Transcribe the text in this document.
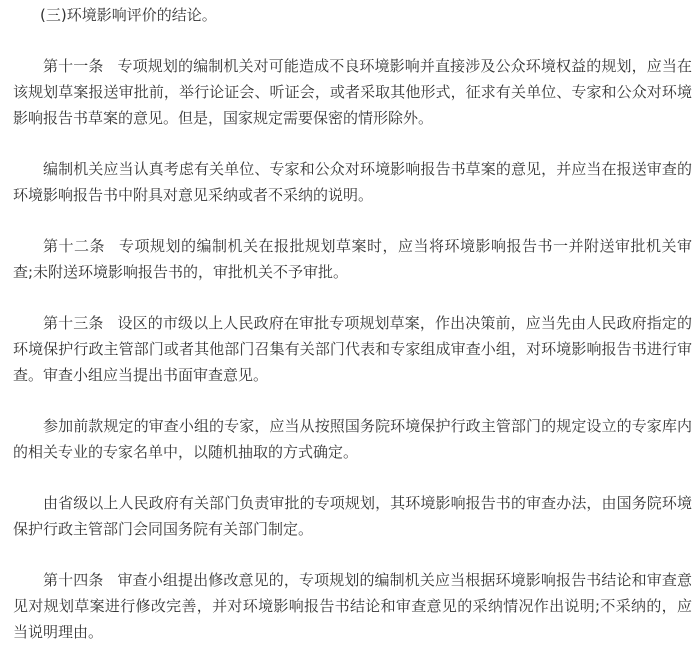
(三)环境影响评价的结论。

第十一条 专项规划的编制机关对可能造成不良环境影响并直接涉及公众环境权益的规划，应当在该规划草案报送审批前，举行论证会、听证会，或者采取其他形式，征求有关单位、专家和公众对环境影响报告书草案的意见。但是，国家规定需要保密的情形除外。

编制机关应当认真考虑有关单位、专家和公众对环境影响报告书草案的意见，并应当在报送审查的环境影响报告书中附具对意见采纳或者不采纳的说明。

第十二条 专项规划的编制机关在报批规划草案时，应当将环境影响报告书一并附送审批机关审查;未附送环境影响报告书的，审批机关不予审批。

第十三条 设区的市级以上人民政府在审批专项规划草案，作出决策前，应当先由人民政府指定的环境保护行政主管部门或者其他部门召集有关部门代表和专家组成审查小组，对环境影响报告书进行审查。审查小组应当提出书面审查意见。

参加前款规定的审查小组的专家，应当从按照国务院环境保护行政主管部门的规定设立的专家库内的相关专业的专家名单中，以随机抽取的方式确定。

由省级以上人民政府有关部门负责审批的专项规划，其环境影响报告书的审查办法，由国务院环境保护行政主管部门会同国务院有关部门制定。

第十四条 审查小组提出修改意见的，专项规划的编制机关应当根据环境影响报告书结论和审查意见对规划草案进行修改完善，并对环境影响报告书结论和审查意见的采纳情况作出说明;不采纳的，应当说明理由。
